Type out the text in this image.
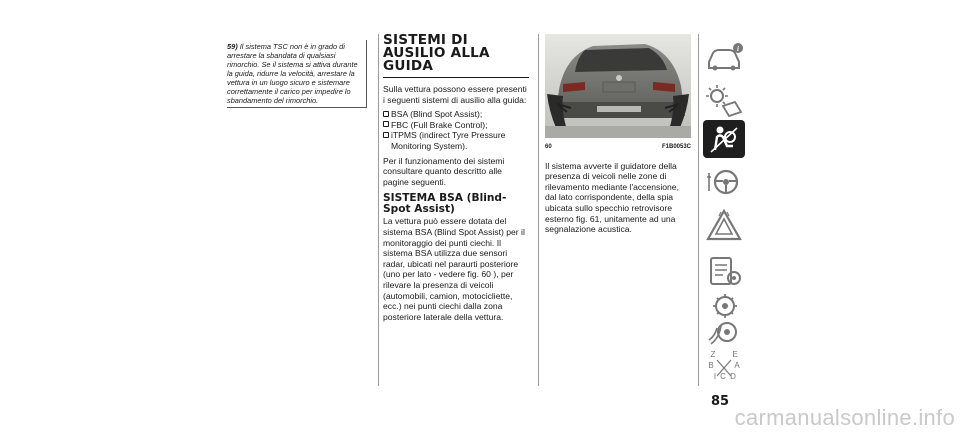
59) Il sistema TSC non è in grado di arrestare la sbandata di qualsiasi rimorchio. Se il sistema si attiva durante la guida, ridurre la velocità, arrestare la vettura in un luogo sicuro e sistemare correttamente il carico per impedire lo sbandamento del rimorchio.
SISTEMI DI AUSILIO ALLA GUIDA
Sulla vettura possono essere presenti i seguenti sistemi di ausilio alla guida:
BSA (Blind Spot Assist);
FBC (Full Brake Control);
iTPMS (indirect Tyre Pressure Monitoring System).
Per il funzionamento dei sistemi consultare quanto descritto alle pagine seguenti.
SISTEMA BSA (Blind-Spot Assist)
La vettura può essere dotata del sistema BSA (Blind Spot Assist) per il monitoraggio dei punti ciechi. Il sistema BSA utilizza due sensori radar, ubicati nel paraurti posteriore (uno per lato - vedere fig. 60 ), per rilevare la presenza di veicoli (automobili, camion, motocicliette, ecc.) nei punti ciechi dalla zona posteriore laterale della vettura.
60	F1B0053C
Il sistema avverte il guidatore della presenza di veicoli nelle zone di rilevamento mediante l'accensione, dal lato corrispondente, della spia ubicata sullo specchio retrovisore esterno fig. 61, unitamente ad una segnalazione acustica.
i
Z E
B	A
I C D
85
carmanualsonline.info
